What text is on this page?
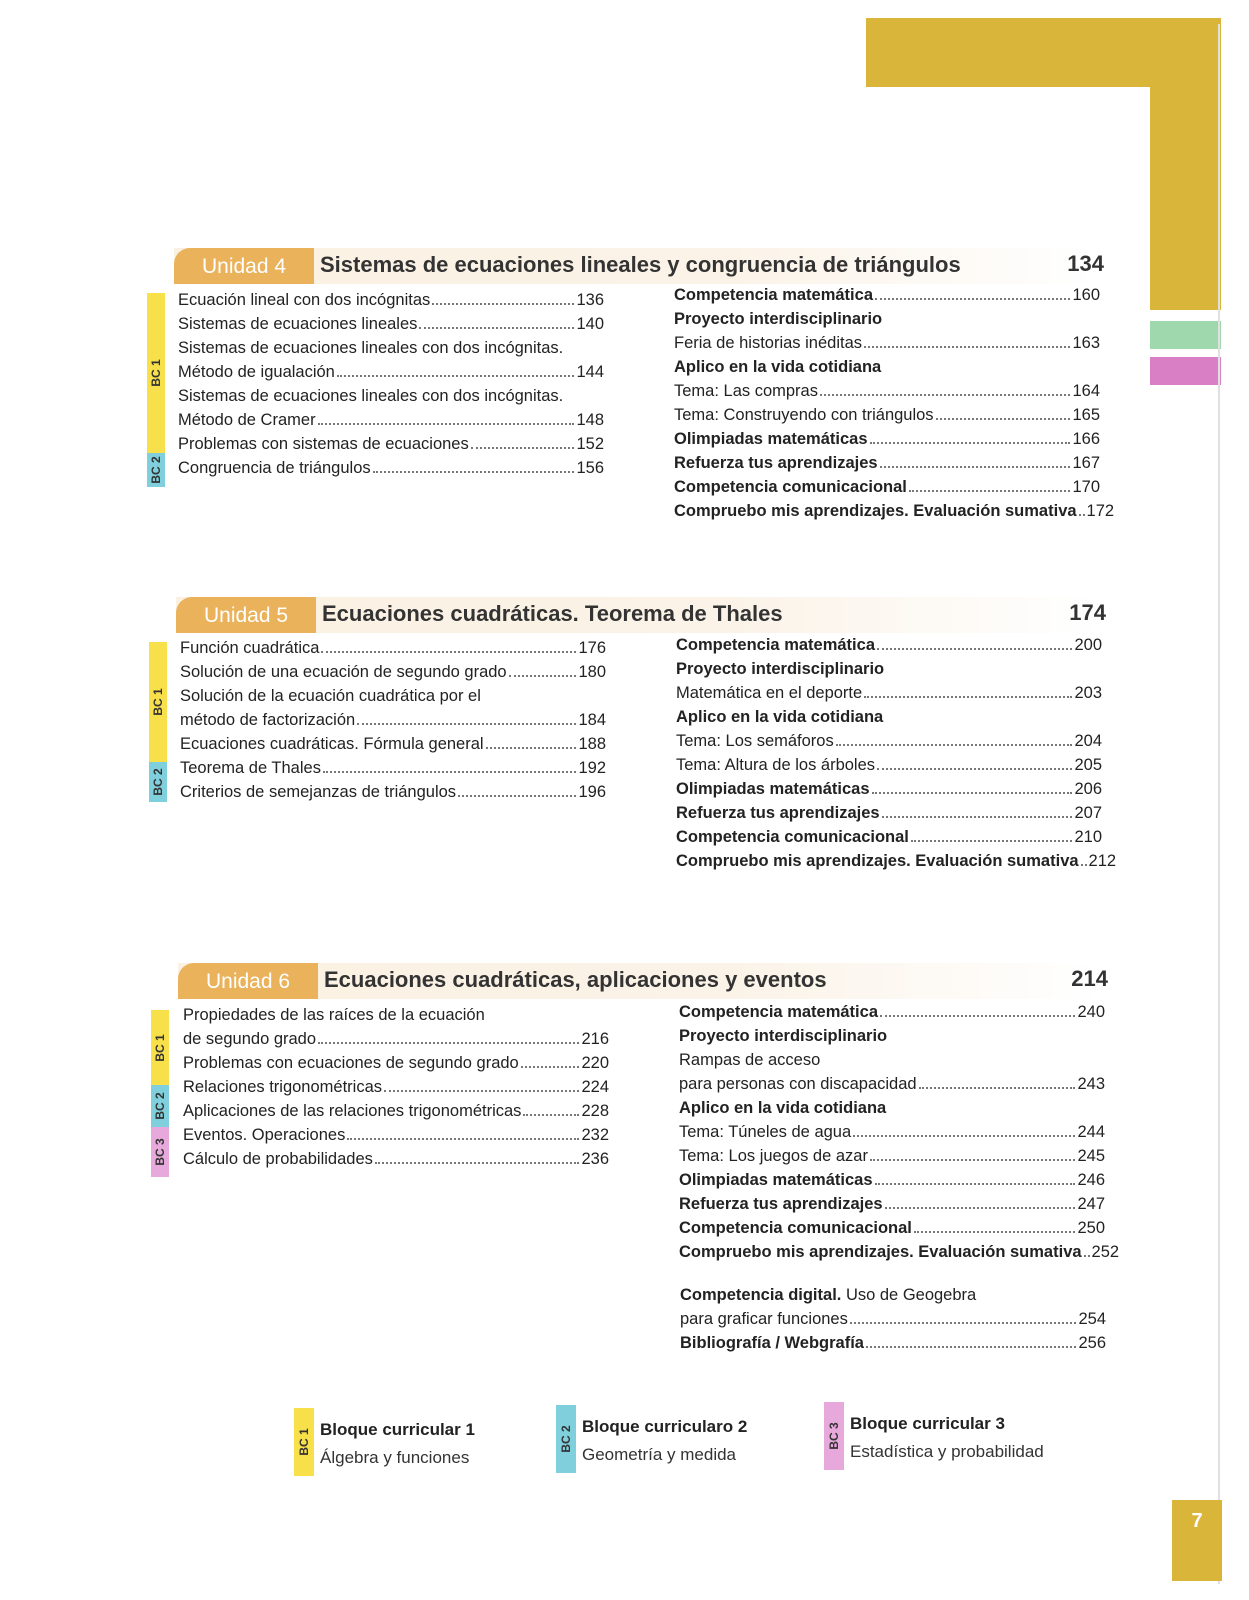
7
Unidad 4	Sistemas de ecuaciones lineales y congruencia de triángulos	134
BC 1
BC 2
Ecuación lineal con dos incógnitas	136
Sistemas de ecuaciones lineales	140
Sistemas de ecuaciones lineales con dos incógnitas.
Método de igualación	144
Sistemas de ecuaciones lineales con dos incógnitas.
Método de Cramer	148
Problemas con sistemas de ecuaciones	152
Congruencia de triángulos	156
Competencia matemática	160
Proyecto interdisciplinario
Feria de historias inéditas	163
Aplico en la vida cotidiana
Tema: Las compras	164
Tema: Construyendo con triángulos	165
Olimpiadas matemáticas	166
Refuerza tus aprendizajes	167
Competencia comunicacional	170
Compruebo mis aprendizajes. Evaluación sumativa 172
Unidad 5	Ecuaciones cuadráticas. Teorema de Thales	174
BC 1
BC 2
Función cuadrática	176
Solución de una ecuación de segundo grado	180
Solución de la ecuación cuadrática por el
método de factorización	184
Ecuaciones cuadráticas. Fórmula general	188
Teorema de Thales	192
Criterios de semejanzas de triángulos	196
Competencia matemática	200
Proyecto interdisciplinario
Matemática en el deporte	203
Aplico en la vida cotidiana
Tema: Los semáforos	204
Tema: Altura de los árboles	205
Olimpiadas matemáticas	206
Refuerza tus aprendizajes	207
Competencia comunicacional	210
Compruebo mis aprendizajes. Evaluación sumativa 212
Unidad 6	Ecuaciones cuadráticas, aplicaciones y eventos	214
BC 1
BC 2
BC 3
Propiedades de las raíces de la ecuación
de segundo grado	216
Problemas con ecuaciones de segundo grado	220
Relaciones trigonométricas	224
Aplicaciones de las relaciones trigonométricas	228
Eventos. Operaciones	232
Cálculo de probabilidades	236
Competencia matemática	240
Proyecto interdisciplinario
Rampas de acceso
para personas con discapacidad	243
Aplico en la vida cotidiana
Tema: Túneles de agua	244
Tema: Los juegos de azar	245
Olimpiadas matemáticas	246
Refuerza tus aprendizajes	247
Competencia comunicacional	250
Compruebo mis aprendizajes. Evaluación sumativa 252
Competencia digital. Uso de Geogebra
para graficar funciones	254
Bibliografía / Webgrafía	256
BC 1 Bloque curricular 1
Álgebra y funciones
BC 2 Bloque curricularo 2
Geometría y medida
BC 3 Bloque curricular 3
Estadística y probabilidad
